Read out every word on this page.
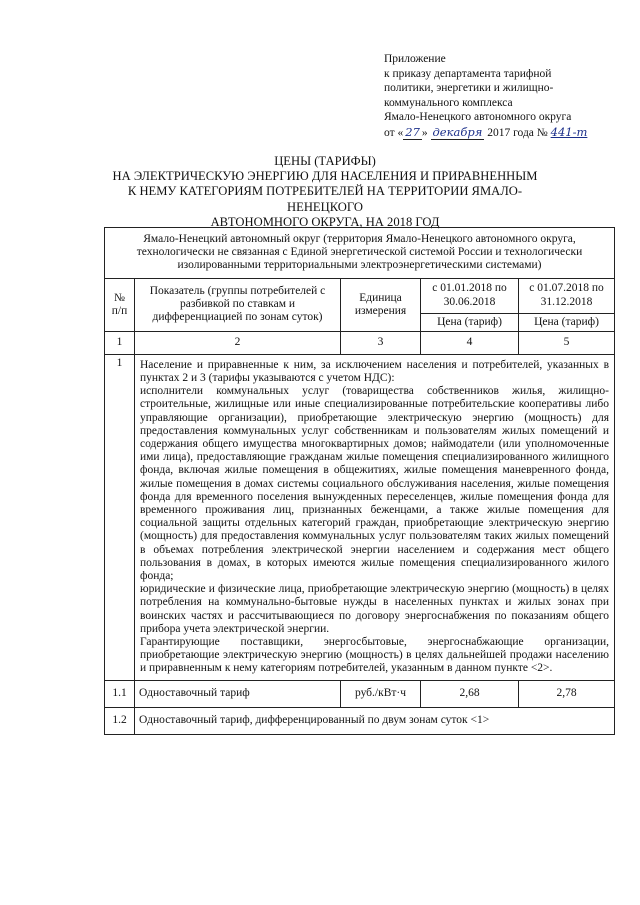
Приложение
к приказу департамента тарифной
политики, энергетики и жилищно-
коммунального комплекса
Ямало-Ненецкого автономного округа
от « 27 » декабря 2017 года № 441-т
ЦЕНЫ (ТАРИФЫ)
НА ЭЛЕКТРИЧЕСКУЮ ЭНЕРГИЮ ДЛЯ НАСЕЛЕНИЯ И ПРИРАВНЕННЫМ
К НЕМУ КАТЕГОРИЯМ ПОТРЕБИТЕЛЕЙ НА ТЕРРИТОРИИ ЯМАЛО-НЕНЕЦКОГО
АВТОНОМНОГО ОКРУГА, НА 2018 ГОД
Ямало-Ненецкий автономный округ (территория Ямало-Ненецкого автономного округа, технологически не связанная с Единой энергетической системой России и технологически изолированными территориальными электроэнергетическими системами)				
№ п/п	Показатель (группы потребителей с разбивкой по ставкам и дифференциацией по зонам суток)	Единица измерения	с 01.01.2018 по 30.06.2018	с 01.07.2018 по 31.12.2018
			Цена (тариф)	Цена (тариф)
1	2	3	4	5
1	Население и приравненные к ним, за исключением населения и потребителей, указанных в пунктах 2 и 3 (тарифы указываются с учетом НДС):

исполнители коммунальных услуг (товарищества собственников жилья, жилищно-строительные, жилищные или иные специализированные потребительские кооперативы либо управляющие организации), приобретающие электрическую энергию (мощность) для предоставления коммунальных услуг собственникам и пользователям жилых помещений и содержания общего имущества многоквартирных домов; наймодатели (или уполномоченные ими лица), предоставляющие гражданам жилые помещения специализированного жилищного фонда, включая жилые помещения в общежитиях, жилые помещения маневренного фонда, жилые помещения в домах системы социального обслуживания населения, жилые помещения фонда для временного поселения вынужденных переселенцев, жилые помещения фонда для временного проживания лиц, признанных беженцами, а также жилые помещения для социальной защиты отдельных категорий граждан, приобретающие электрическую энергию (мощность) для предоставления коммунальных услуг пользователям таких жилых помещений в объемах потребления электрической энергии населением и содержания мест общего пользования в домах, в которых имеются жилые помещения специализированного жилого фонда;

юридические и физические лица, приобретающие электрическую энергию (мощность) в целях потребления на коммунально-бытовые нужды в населенных пунктах и жилых зонах при воинских частях и рассчитывающиеся по договору энергоснабжения по показаниям общего прибора учета электрической энергии.

Гарантирующие поставщики, энергосбытовые, энергоснабжающие организации, приобретающие электрическую энергию (мощность) в целях дальнейшей продажи населению и приравненным к нему категориям потребителей, указанным в данном пункте <2>.			

1.1	Одноставочный тариф	руб./кВт·ч	2,68	2,78
1.2	Одноставочный тариф, дифференцированный по двум зонам суток <1>			
